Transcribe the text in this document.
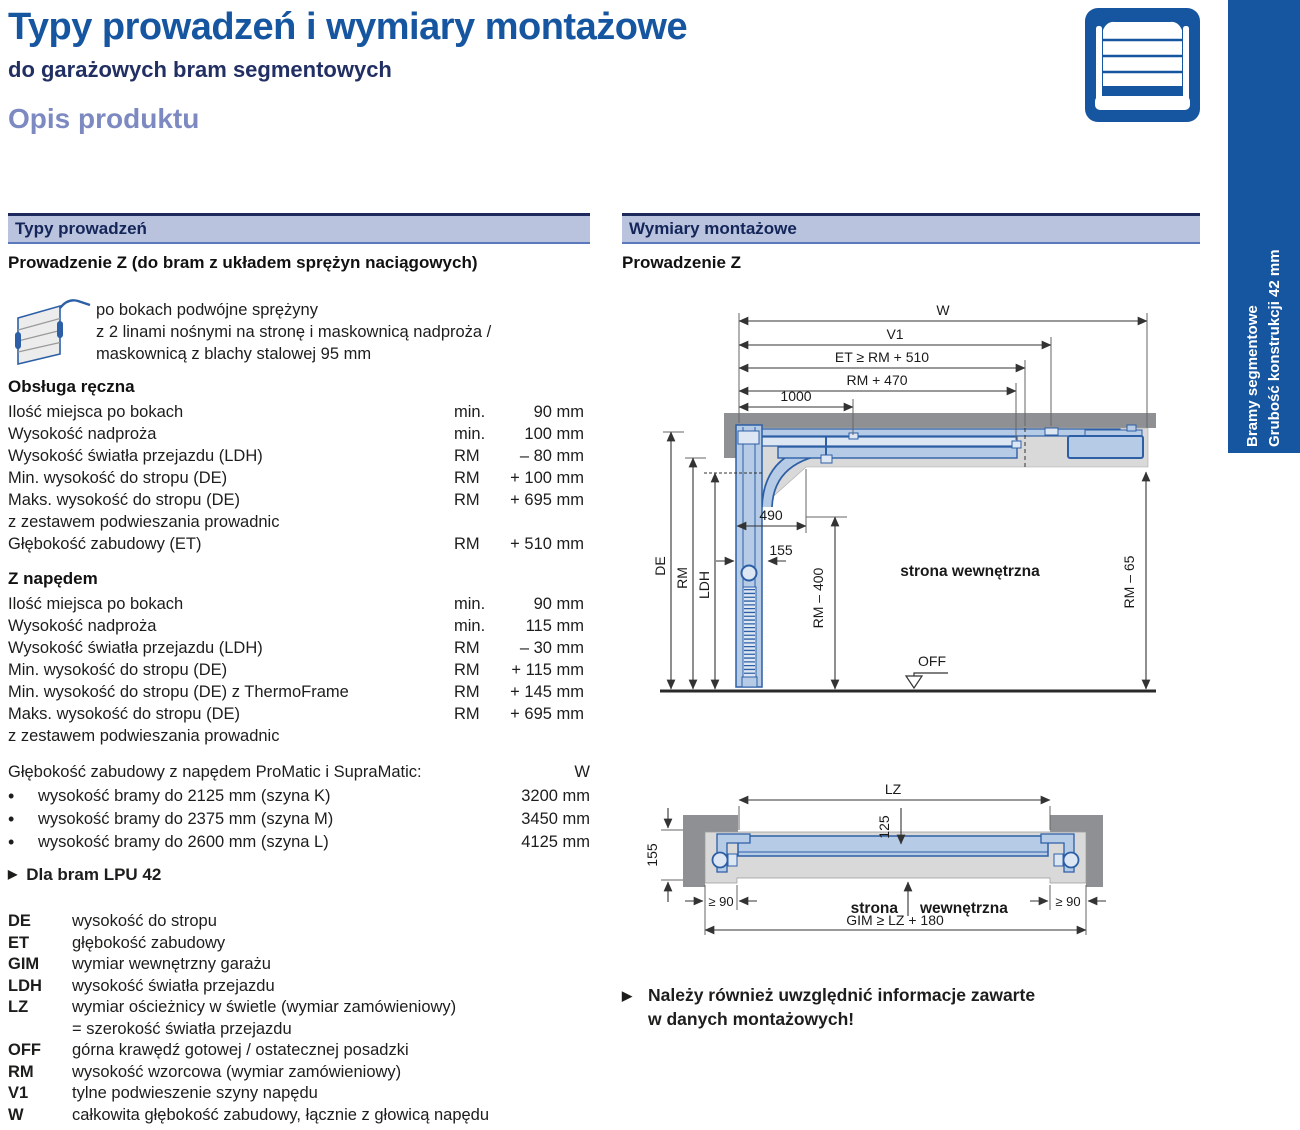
Typy prowadzeń i wymiary montażowe
do garażowych bram segmentowych
Opis produktu
Bramy segmentowe Grubość konstrukcji 42 mm
Typy prowadzeń
Prowadzenie Z (do bram z układem sprężyn naciągowych)
po bokach podwójne sprężyny
z 2 linami nośnymi na stronę i maskownicą nadproża /
maskownicą z blachy stalowej 95 mm
Obsługa ręczna
Ilość miejsca po bokach	min.	90 mm
Wysokość nadproża	min.	100 mm
Wysokość światła przejazdu (LDH)	RM	– 80 mm
Min. wysokość do stropu (DE)	RM	+ 100 mm
Maks. wysokość do stropu (DE)	RM	+ 695 mm
z zestawem podwieszania prowadnic
Głębokość zabudowy (ET)	RM	+ 510 mm
Z napędem
Ilość miejsca po bokach	min.	90 mm
Wysokość nadproża	min.	115 mm
Wysokość światła przejazdu (LDH)	RM	– 30 mm
Min. wysokość do stropu (DE)	RM	+ 115 mm
Min. wysokość do stropu (DE) z ThermoFrame	RM	+ 145 mm
Maks. wysokość do stropu (DE)	RM	+ 695 mm
z zestawem podwieszania prowadnic
Głębokość zabudowy z napędem ProMatic i SupraMatic:	W
•
wysokość bramy do 2125 mm (szyna K)	3200 mm
•
wysokość bramy do 2375 mm (szyna M)	3450 mm
•
wysokość bramy do 2600 mm (szyna L)	4125 mm
▶ Dla bram LPU 42
DE	wysokość do stropu
ET	głębokość zabudowy
GIM	wymiar wewnętrzny garażu
LDH	wysokość światła przejazdu
LZ	wymiar ościeżnicy w świetle (wymiar zamówieniowy)
= szerokość światła przejazdu
OFF	górna krawędź gotowej / ostatecznej posadzki
RM	wysokość wzorcowa (wymiar zamówieniowy)
V1	tylne podwieszenie szyny napędu
W	całkowita głębokość zabudowy, łącznie z głowicą napędu
Wymiary montażowe
Prowadzenie Z
W
V1
ET ≥ RM + 510
RM + 470
1000
490
155
DE
RM LDH	RM – 400	RM – 65
strona wewnętrzna
OFF
LZ
125
155
≥ 90	≥ 90
GIM ≥ LZ + 180
strona wewnętrzna
▶
Należy również uwzględnić informacje zawarte
w danych montażowych!
